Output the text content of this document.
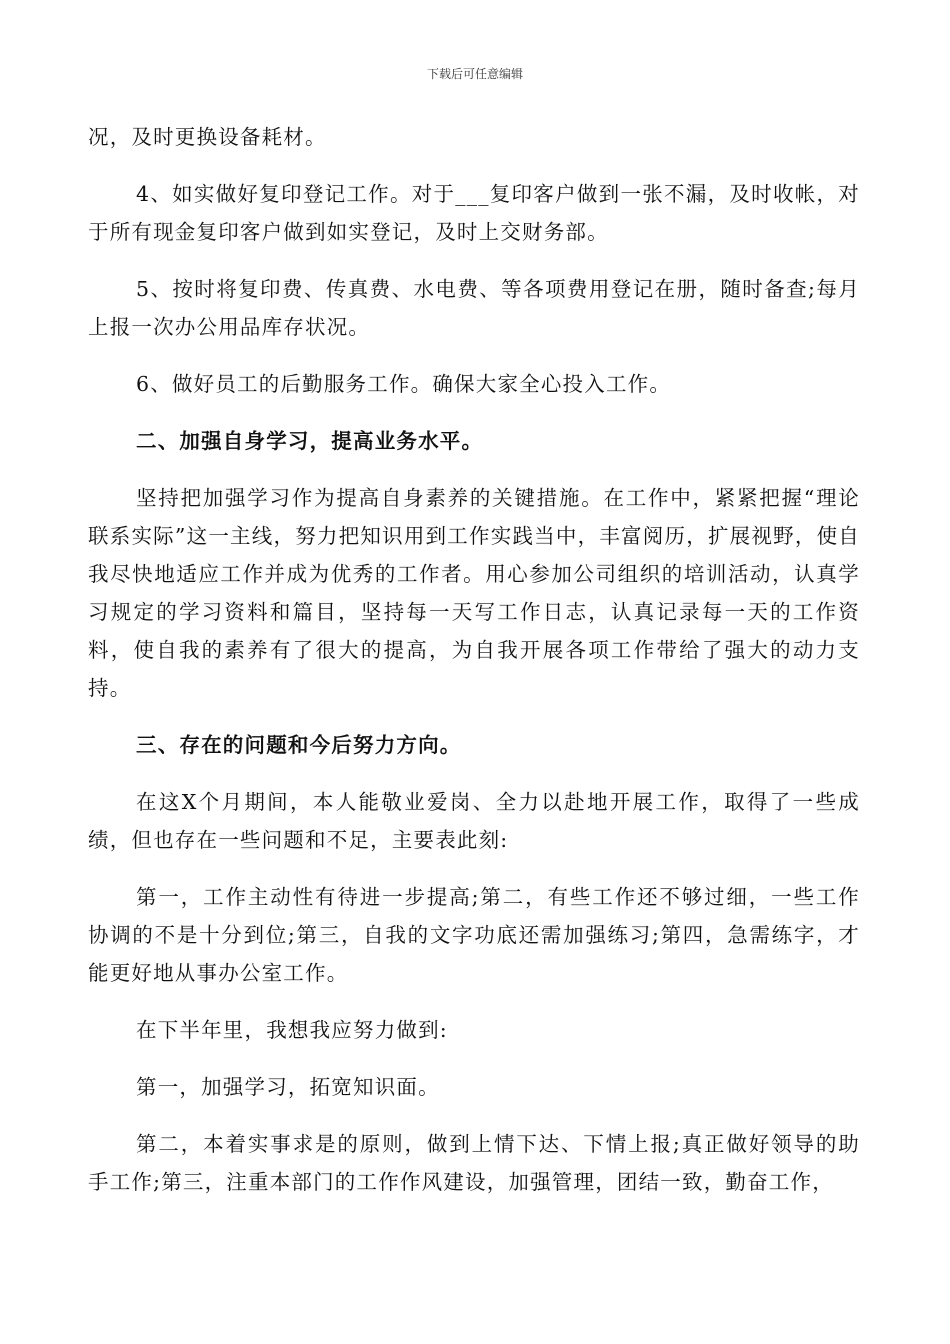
下载后可任意编辑

况，及时更换设备耗材。

4、如实做好复印登记工作。对于___复印客户做到一张不漏，及时收帐，对于所有现金复印客户做到如实登记，及时上交财务部。

5、按时将复印费、传真费、水电费、等各项费用登记在册，随时备查;每月上报一次办公用品库存状况。

6、做好员工的后勤服务工作。确保大家全心投入工作。

二、加强自身学习，提高业务水平。

坚持把加强学习作为提高自身素养的关键措施。在工作中，紧紧把握“理论联系实际”这一主线，努力把知识用到工作实践当中，丰富阅历，扩展视野，使自我尽快地适应工作并成为优秀的工作者。用心参加公司组织的培训活动，认真学习规定的学习资料和篇目，坚持每一天写工作日志，认真记录每一天的工作资料，使自我的素养有了很大的提高，为自我开展各项工作带给了强大的动力支持。

三、存在的问题和今后努力方向。

在这X个月期间，本人能敬业爱岗、全力以赴地开展工作，取得了一些成绩，但也存在一些问题和不足，主要表此刻:

第一，工作主动性有待进一步提高;第二，有些工作还不够过细，一些工作协调的不是十分到位;第三，自我的文字功底还需加强练习;第四，急需练字，才能更好地从事办公室工作。

在下半年里，我想我应努力做到:

第一，加强学习，拓宽知识面。

第二，本着实事求是的原则，做到上情下达、下情上报;真正做好领导的助手工作;第三，注重本部门的工作作风建设，加强管理，团结一致，勤奋工作，
